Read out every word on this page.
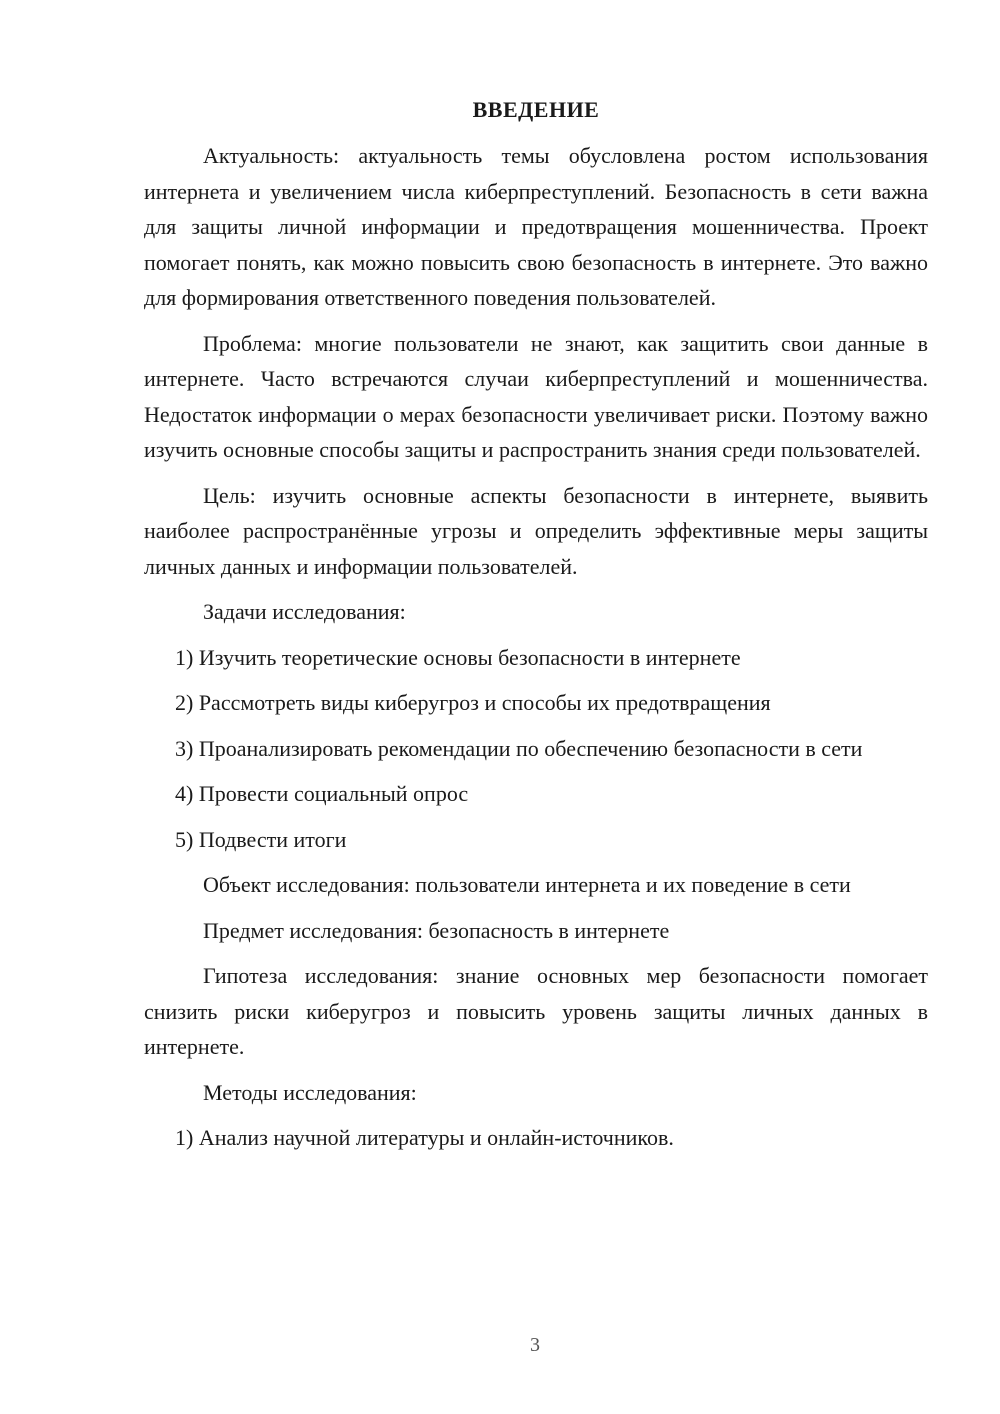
ВВЕДЕНИЕ

Актуальность: актуальность темы обусловлена ростом использования интернета и увеличением числа киберпреступлений. Безопасность в сети важна для защиты личной информации и предотвращения мошенничества. Проект помогает понять, как можно повысить свою безопасность в интернете. Это важно для формирования ответственного поведения пользователей.

Проблема: многие пользователи не знают, как защитить свои данные в интернете. Часто встречаются случаи киберпреступлений и мошенничества. Недостаток информации о мерах безопасности увеличивает риски. Поэтому важно изучить основные способы защиты и распространить знания среди пользователей.

Цель: изучить основные аспекты безопасности в интернете, выявить наиболее распространённые угрозы и определить эффективные меры защиты личных данных и информации пользователей.

Задачи исследования:

1) Изучить теоретические основы безопасности в интернете

2) Рассмотреть виды киберугроз и способы их предотвращения

3) Проанализировать рекомендации по обеспечению безопасности в сети

4) Провести социальный опрос

5) Подвести итоги

Объект исследования: пользователи интернета и их поведение в сети

Предмет исследования: безопасность в интернете

Гипотеза исследования: знание основных мер безопасности помогает снизить риски киберугроз и повысить уровень защиты личных данных в интернете.

Методы исследования:

1) Анализ научной литературы и онлайн-источников.

3
